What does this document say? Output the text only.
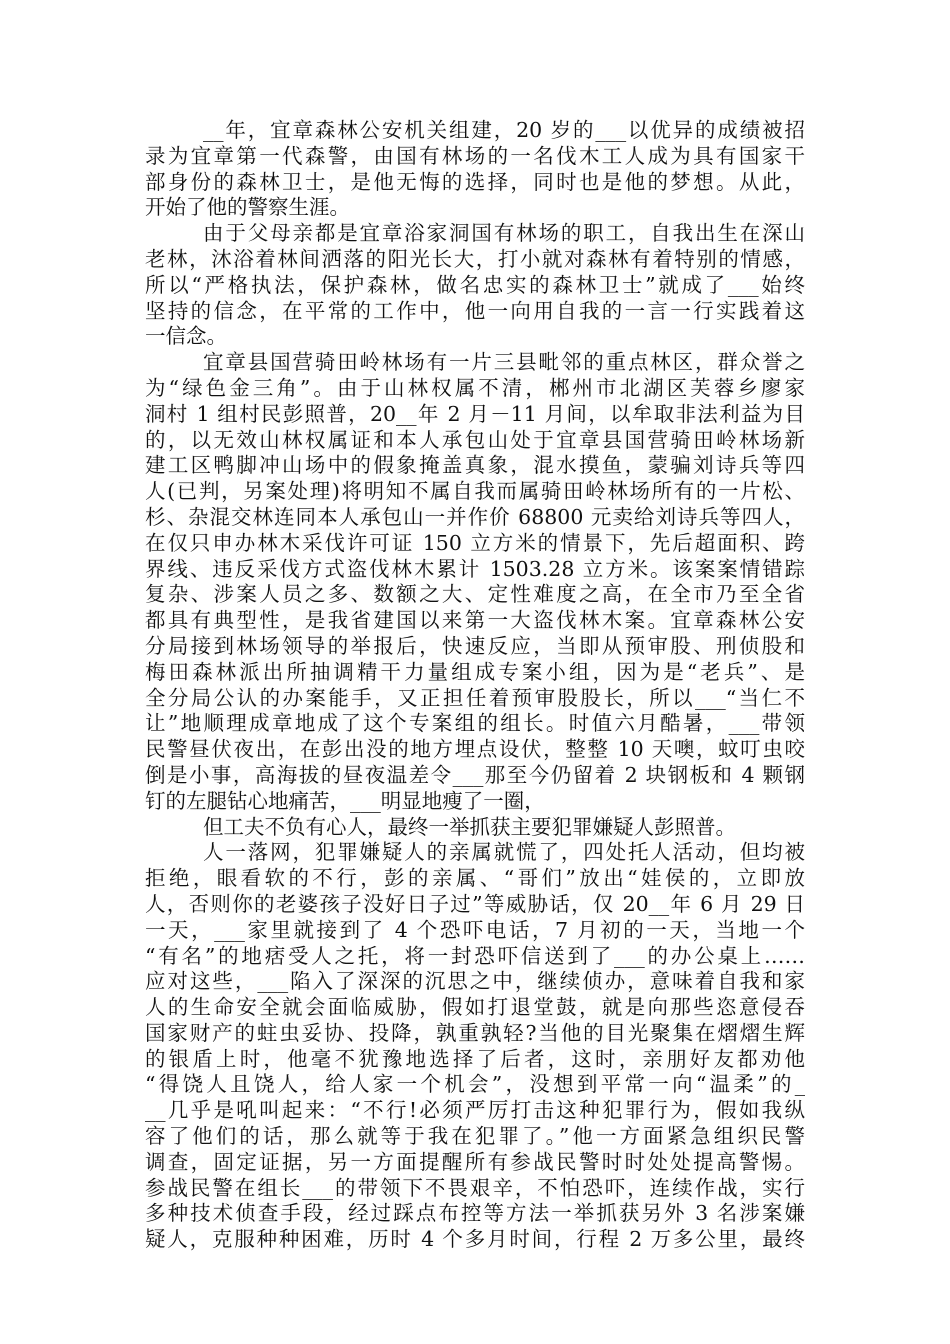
__年，宜章森林公安机关组建，20 岁的___以优异的成绩被招
录为宜章第一代森警，由国有林场的一名伐木工人成为具有国家干
部身份的森林卫士，是他无悔的选择，同时也是他的梦想。从此，
开始了他的警察生涯。
由于父母亲都是宜章浴家洞国有林场的职工，自我出生在深山
老林，沐浴着林间洒落的阳光长大，打小就对森林有着特别的情感，
所以“严格执法，保护森林，做名忠实的森林卫士”就成了___始终
坚持的信念，在平常的工作中，他一向用自我的一言一行实践着这
一信念。
宜章县国营骑田岭林场有一片三县毗邻的重点林区，群众誉之
为“绿色金三角”。由于山林权属不清，郴州市北湖区芙蓉乡廖家
洞村 1 组村民彭照普，20__年 2 月－11 月间，以牟取非法利益为目
的，以无效山林权属证和本人承包山处于宜章县国营骑田岭林场新
建工区鸭脚冲山场中的假象掩盖真象，混水摸鱼，蒙骗刘诗兵等四
人(已判，另案处理)将明知不属自我而属骑田岭林场所有的一片松、
杉、杂混交林连同本人承包山一并作价 68800 元卖给刘诗兵等四人，
在仅只申办林木采伐许可证 150 立方米的情景下，先后超面积、跨
界线、违反采伐方式盗伐林木累计 1503.28 立方米。该案案情错踪
复杂、涉案人员之多、数额之大、定性难度之高，在全市乃至全省
都具有典型性，是我省建国以来第一大盗伐林木案。宜章森林公安
分局接到林场领导的举报后，快速反应，当即从预审股、刑侦股和
梅田森林派出所抽调精干力量组成专案小组，因为是“老兵”、是
全分局公认的办案能手，又正担任着预审股股长，所以___“当仁不
让”地顺理成章地成了这个专案组的组长。时值六月酷暑，___带领
民警昼伏夜出，在彭出没的地方埋点设伏，整整 10 天噢，蚊叮虫咬
倒是小事，高海拔的昼夜温差令___那至今仍留着 2 块钢板和 4 颗钢
钉的左腿钻心地痛苦，___明显地瘦了一圈，
但工夫不负有心人，最终一举抓获主要犯罪嫌疑人彭照普。
人一落网，犯罪嫌疑人的亲属就慌了，四处托人活动，但均被
拒绝，眼看软的不行，彭的亲属、“哥们”放出“娃侯的，立即放
人，否则你的老婆孩子没好日子过”等威胁话，仅 20__年 6 月 29 日
一天，___家里就接到了 4 个恐吓电话，7 月初的一天，当地一个
“有名”的地痞受人之托，将一封恐吓信送到了___的办公桌上……
应对这些，___陷入了深深的沉思之中，继续侦办，意味着自我和家
人的生命安全就会面临威胁，假如打退堂鼓，就是向那些恣意侵吞
国家财产的蛀虫妥协、投降，孰重孰轻?当他的目光聚集在熠熠生辉
的银盾上时，他毫不犹豫地选择了后者，这时，亲朋好友都劝他
“得饶人且饶人，给人家一个机会”，没想到平常一向“温柔”的_
__几乎是吼叫起来：“不行!必须严厉打击这种犯罪行为，假如我纵
容了他们的话，那么就等于我在犯罪了。”他一方面紧急组织民警
调查，固定证据，另一方面提醒所有参战民警时时处处提高警惕。
参战民警在组长___的带领下不畏艰辛，不怕恐吓，连续作战，实行
多种技术侦查手段，经过踩点布控等方法一举抓获另外 3 名涉案嫌
疑人，克服种种困难，历时 4 个多月时间，行程 2 万多公里，最终
